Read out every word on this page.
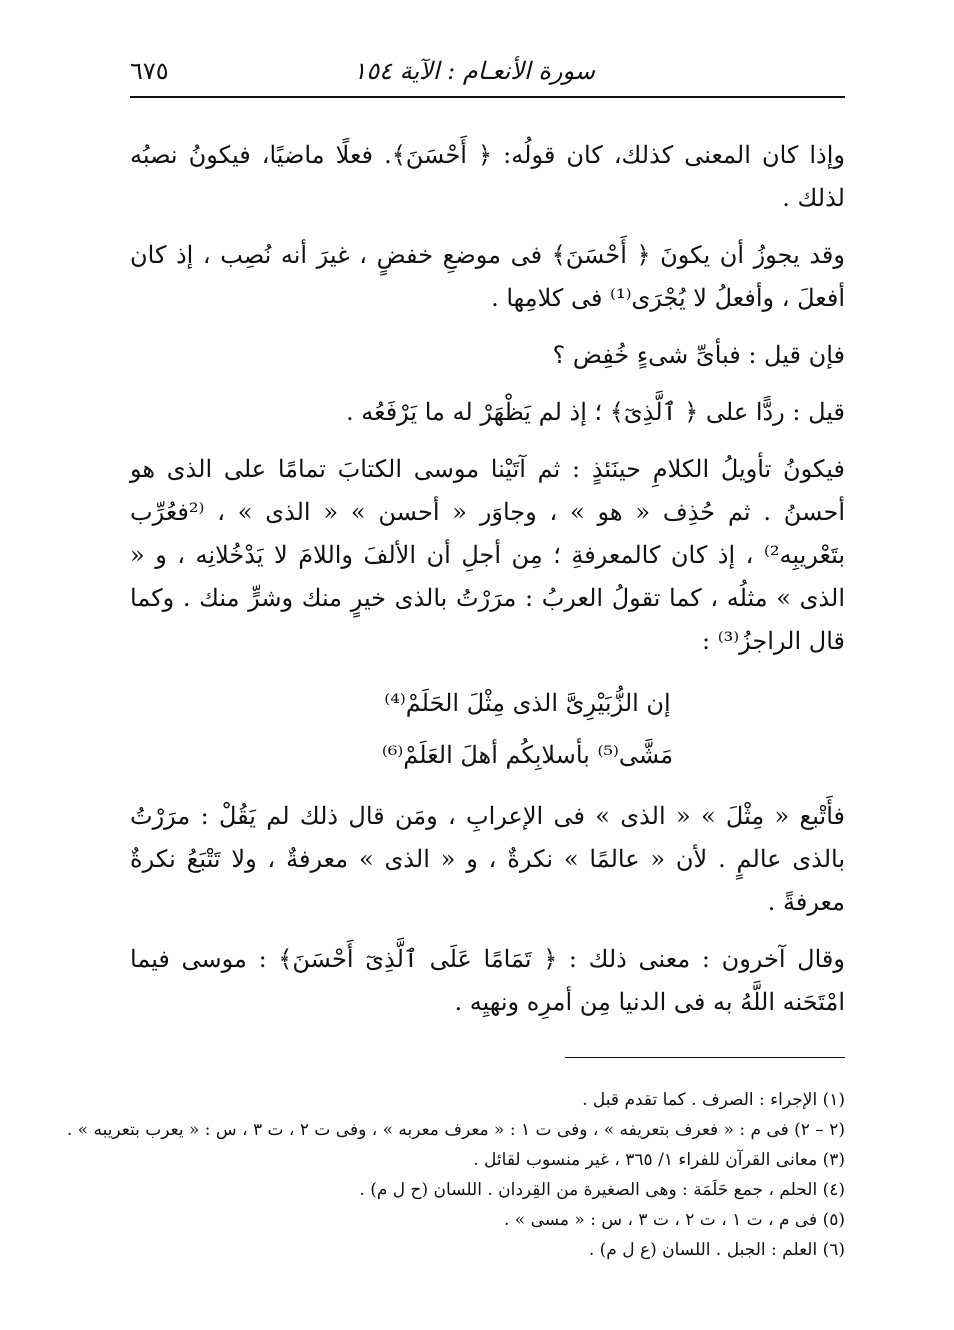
سورة الأنعـام : الآية ١٥٤
٦٧٥

وإذا كان المعنى كذلك، كان قولُه: ﴿ أَحْسَنَ﴾. فعلًا ماضيًا، فيكونُ نصبُه لذلك .

وقد يجوزُ أن يكونَ ﴿ أَحْسَنَ﴾ فى موضعِ خفضٍ ، غيرَ أنه نُصِب ، إذ كان أفعلَ ، وأفعلُ لا يُجْرَى⁽¹⁾ فى كلامِها .

فإن قيل : فبأىِّ شىءٍ خُفِض ؟

قيل : ردًّا على ﴿ ٱلَّذِىٓ﴾ ؛ إذ لم يَظْهَرْ له ما يَرْفَعُه .

فيكونُ تأويلُ الكلامِ حينَئذٍ : ثم آتَيْنا موسى الكتابَ تمامًا على الذى هو أحسنُ . ثم حُذِف « هو » ، وجاوَر « أحسن » « الذى » ، ⁽²فعُرِّب بتَعْريبِه²⁾ ، إذ كان كالمعرفةِ ؛ مِن أجلِ أن الألفَ واللامَ لا يَدْخُلانِه ، و « الذى » مثلُه ، كما تقولُ العربُ : مرَرْتُ بالذى خيرٍ منك وشرٍّ منك . وكما قال الراجزُ⁽³⁾ :

إن الزُّبَيْرِىَّ الذى مِثْلَ الحَلَمْ⁽⁴⁾

مَشَّى⁽⁵⁾ بأسلابِكُم أهلَ العَلَمْ⁽⁶⁾

فأَتْبع « مِثْلَ » « الذى » فى الإعرابِ ، ومَن قال ذلك لم يَقُلْ : مرَرْتُ بالذى عالمٍ . لأن « عالمًا » نكرةٌ ، و « الذى » معرفةٌ ، ولا تَتْبَعُ نكرةٌ معرفةً .

وقال آخرون : معنى ذلك : ﴿ تَمَامًا عَلَى ٱلَّذِىٓ أَحْسَنَ﴾ : موسى فيما امْتَحَنه اللَّهُ به فى الدنيا مِن أمرِه ونهيِه .

(١) الإجراء : الصرف . كما تقدم قبل .

(٢ – ٢) فى م : « فعرف بتعريفه » ، وفى ت ١ : « معرف معربه » ، وفى ت ٢ ، ت ٣ ، س : « يعرب بتعريبه » .

(٣) معانى القرآن للفراء ١/ ٣٦٥ ، غير منسوب لقائل .

(٤) الحلم ، جمع حَلَمَة : وهى الصغيرة من القِردان . اللسان (ح ل م) .

(٥) فى م ، ت ١ ، ت ٢ ، ت ٣ ، س : « مسى » .

(٦) العلم : الجبل . اللسان (ع ل م) .
